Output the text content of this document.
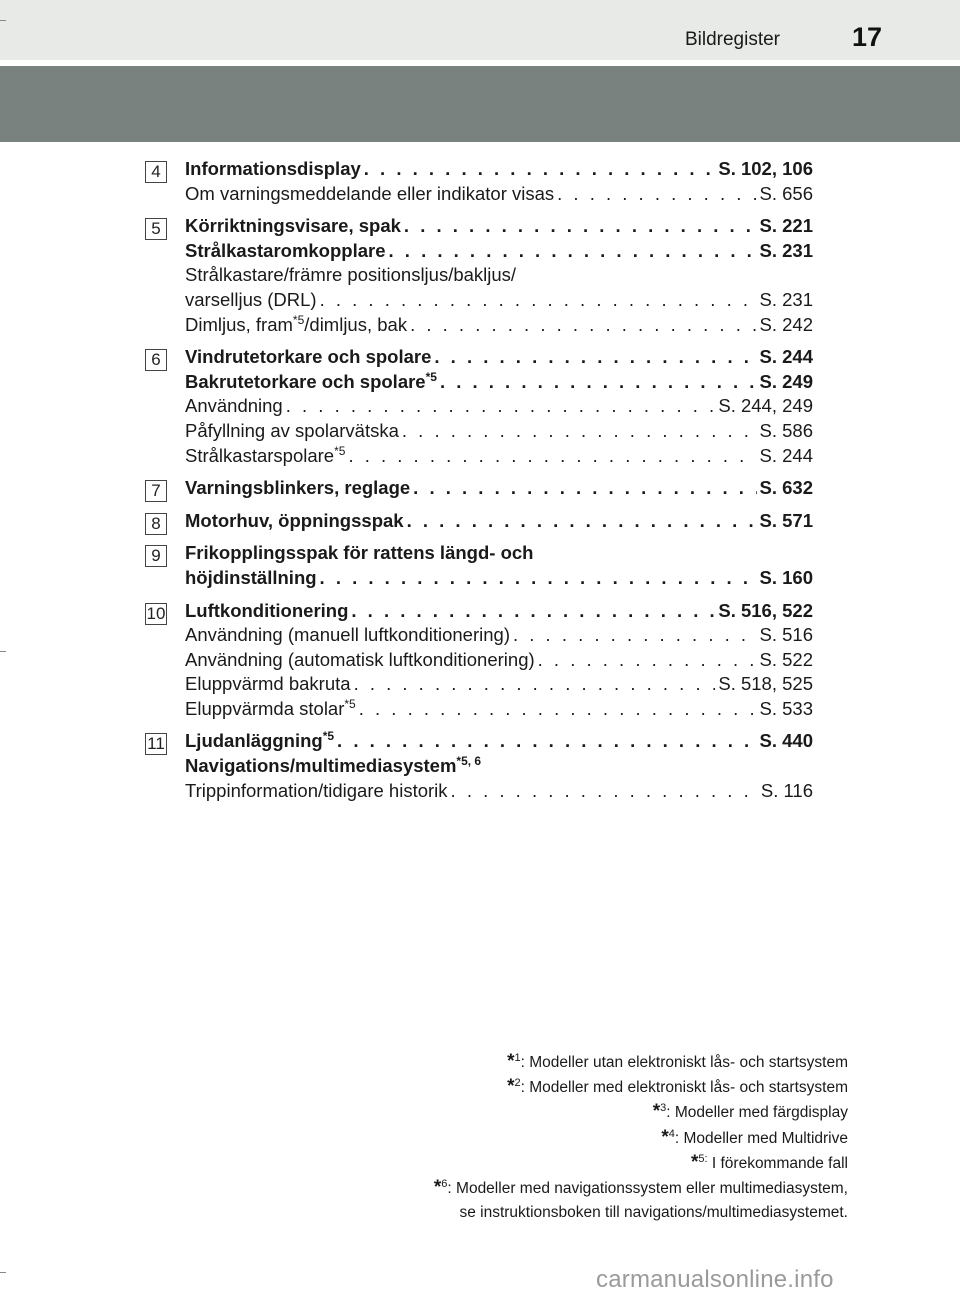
Bildregister	17
4	Informationsdisplay . . .	S. 102, 106
Om varningsmeddelande eller indikator visas . . .	S. 656
5	Körriktningsvisare, spak . . .	S. 221
Strålkastaromkopplare . . .	S. 231
Strålkastare/främre positionsljus/bakljus/
varselljus (DRL) . . .	S. 231
Dimljus, fram$^{*5}$/dimljus, bak . . .	S. 242
6	Vindrutetorkare och spolare . . .	S. 244
Bakrutetorkare och spolare$^{*5}$ . . .	S. 249
Användning . . .	S. 244, 249
Påfyllning av spolarvätska . . .	S. 586
Strålkastarspolare$^{*5}$ . . .	S. 244
7	Varningsblinkers, reglage . . .	S. 632
8	Motorhuv, öppningsspak . . .	S. 571
9	Frikopplingsspak för rattens längd- och
höjdinställning . . .	S. 160
10 Luftkonditionering . . .	S. 516, 522
Användning (manuell luftkonditionering) . . .	S. 516
Användning (automatisk luftkonditionering) . . .	S. 522
Eluppvärmd bakruta . . .	S. 518, 525
Eluppvärmda stolar$^{*5}$ . . .	S. 533
11 Ljudanläggning$^{*5}$ . . .	S. 440
Navigations/multimediasystem$^{*5, 6}$
Trippinformation/tidigare historik . . .	S. 116
*$^1$: Modeller utan elektroniskt lås- och startsystem
*$^2$: Modeller med elektroniskt lås- och startsystem
*$^3$: Modeller med färgdisplay
*$^4$: Modeller med Multidrive
*$^{5:}$ I förekommande fall
*$^6$: Modeller med navigationssystem eller multimediasystem,
se instruktionsboken till navigations/multimediasystemet.
carmanualsonline.info
